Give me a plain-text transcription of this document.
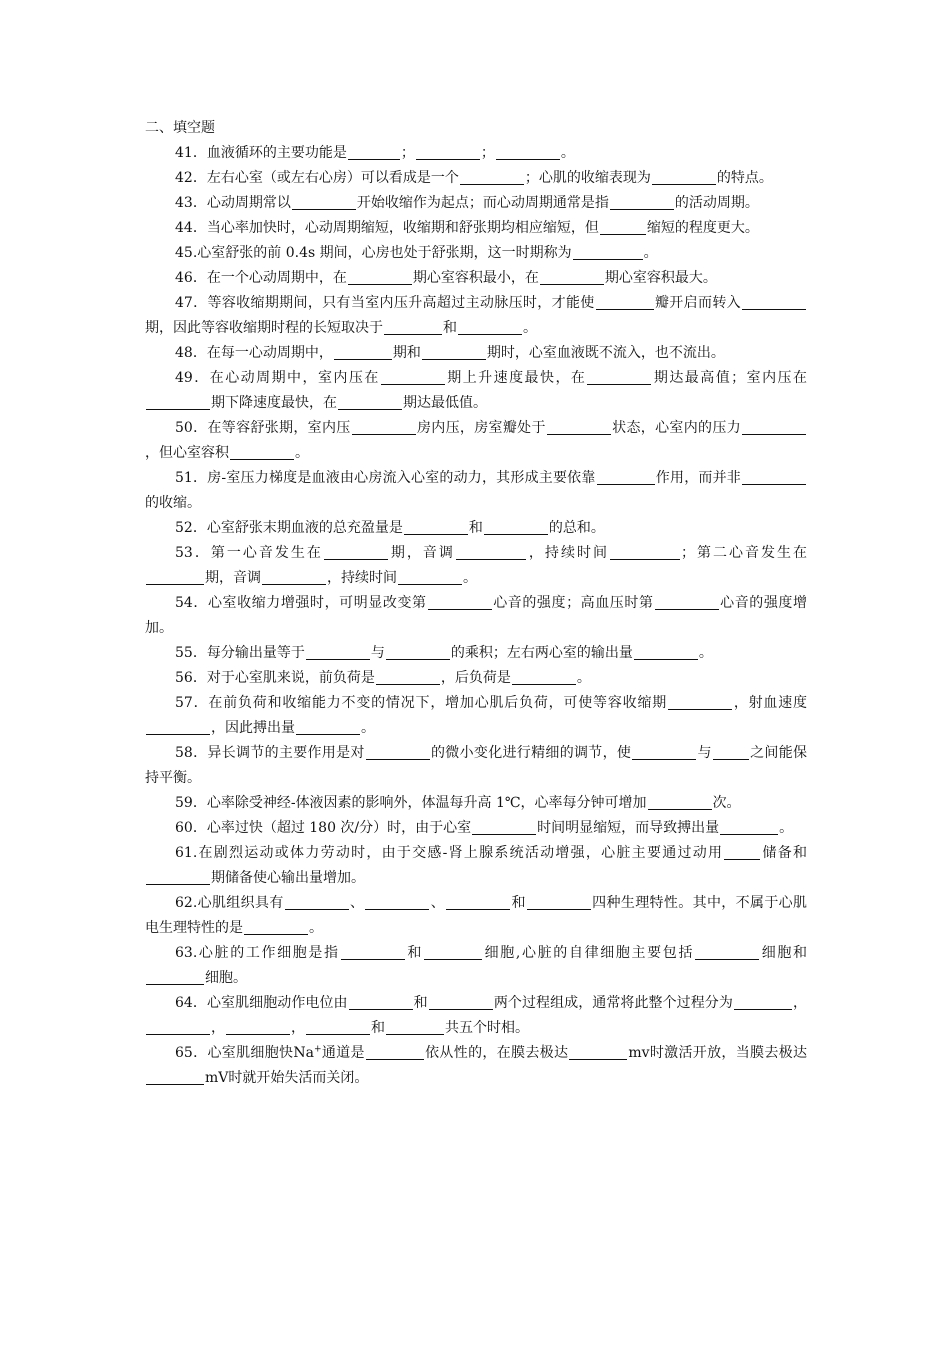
二、填空题

41．血液循环的主要功能是	；	；	。

42．左右心室（或左右心房）可以看成是一个	；心肌的收缩表现为	的特点。

43．心动周期常以	开始收缩作为起点；而心动周期通常是指	的活动周期。

44．当心率加快时，心动周期缩短，收缩期和舒张期均相应缩短，但	缩短的程度更大。

45.心室舒张的前 0.4s 期间，心房也处于舒张期，这一时期称为	。

46．在一个心动周期中，在	期心室容积最小，在	期心室容积最大。

47．等容收缩期期间，只有当室内压升高超过主动脉压时，才能使	瓣开启而转入期，因此等容收缩期时程的长短取决于	和	。

48．在每一心动周期中，	期和	期时，心室血液既不流入，也不流出。

49．在心动周期中，室内压在	期上升速度最快，在	期达最高值；室内压在期下降速度最快，在	期达最低值。

50．在等容舒张期，室内压	房内压，房室瓣处于	状态，心室内的压力，但心室容积	。

51．房-室压力梯度是血液由心房流入心室的动力，其形成主要依靠	作用，而并非的收缩。

52．心室舒张末期血液的总充盈量是	和	的总和。

53．第一心音发生在	期，音调	，持续时间	；第二心音发生在期，音调	，持续时间	。

54．心室收缩力增强时，可明显改变第	心音的强度；高血压时第	心音的强度增加。

55．每分输出量等于	与	的乘积；左右两心室的输出量	。

56．对于心室肌来说，前负荷是	，后负荷是	。

57．在前负荷和收缩能力不变的情况下，增加心肌后负荷，可使等容收缩期	，射血速度，因此搏出量	。

58．异长调节的主要作用是对	的微小变化进行精细的调节，使	与	之间能保持平衡。

59．心率除受神经-体液因素的影响外，体温每升高 1℃，心率每分钟可增加	次。

60．心率过快（超过 180 次/分）时，由于心室	时间明显缩短，而导致搏出量	。

61.在剧烈运动或体力劳动时，由于交感-肾上腺系统活动增强，心脏主要通过动用	储备和期储备使心输出量增加。

62.心肌组织具有	、	、	和	四种生理特性。其中，不属于心肌电生理特性的是	。

63.心脏的工作细胞是指	和	细胞,心脏的自律细胞主要包括	细胞和细胞。

64．心室肌细胞动作电位由	和	两个过程组成，通常将此整个过程分为	，，	，	和	共五个时相。

65．心室肌细胞快Na+通道是	依从性的，在膜去极达	mv时激活开放，当膜去极达mV时就开始失活而关闭。
